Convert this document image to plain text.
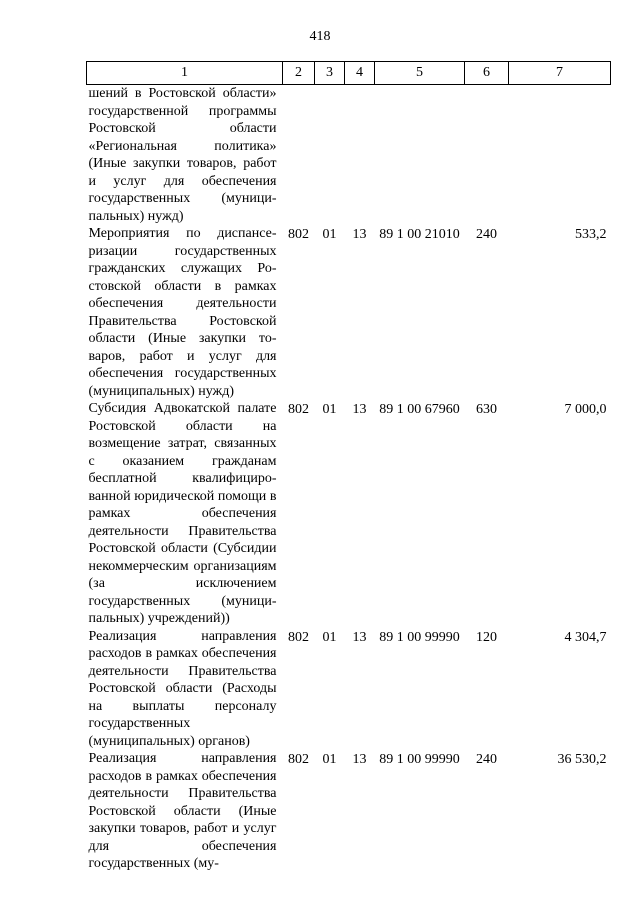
418
1	2	3	4	5	6	7
шений в Ростовской области» государственной программы Ростовской области «Региональная политика» (Иные закупки товаров, работ и услуг для обеспечения государственных (муниципальных) нужд)						
Мероприятия по диспансеризации государственных гражданских служащих Ростовской области в рамках обеспечения деятельности Правительства Ростовской области (Иные закупки товаров, работ и услуг для обеспечения государственных (муниципальных) нужд)	802	01	13	89 1 00 21010	240	533,2
Субсидия Адвокатской палате Ростовской области на возмещение затрат, связанных с оказанием гражданам бесплатной квалифицированной юридической помощи в рамках обеспечения деятельности Правительства Ростовской области (Субсидии некоммерческим организациям (за исключением государственных (муниципальных) учреждений))	802	01	13	89 1 00 67960	630	7 000,0
Реализация направления расходов в рамках обеспечения деятельности Правительства Ростовской области (Расходы на выплаты персоналу государственных (муниципальных) органов)	802	01	13	89 1 00 99990	120	4 304,7
Реализация направления расходов в рамках обеспечения деятельности Правительства Ростовской области (Иные закупки товаров, работ и услуг для обеспечения государственных (му-	802	01	13	89 1 00 99990	240	36 530,2
